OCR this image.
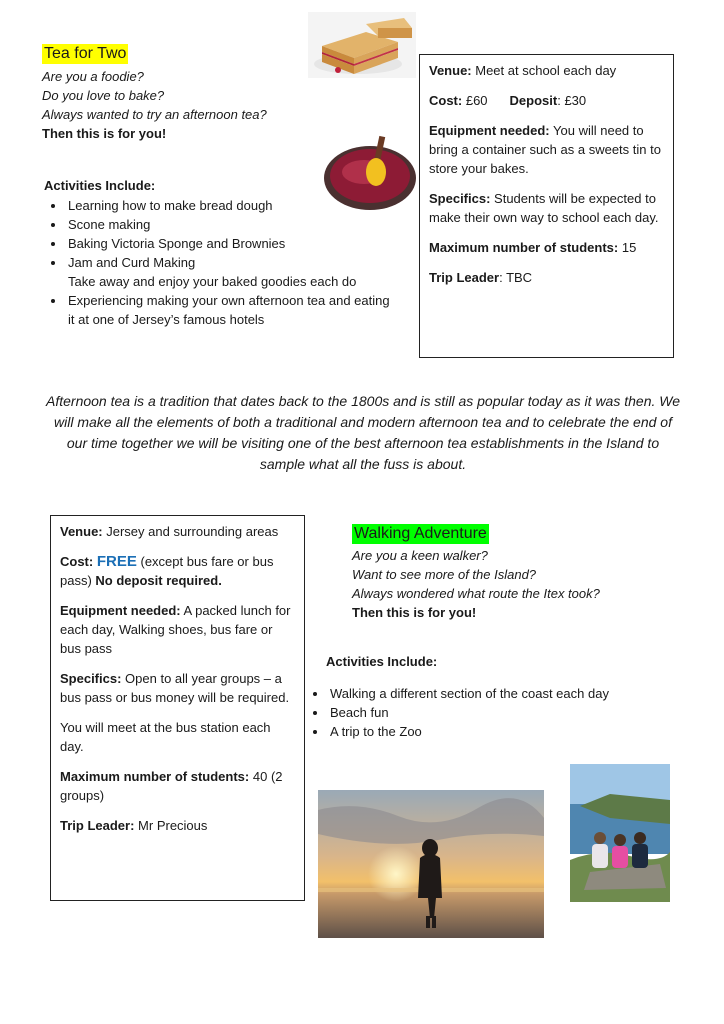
Tea for Two
Are you a foodie?
Do you love to bake?
Always wanted to try an afternoon tea?
Then this is for you!
Activities Include:
• Learning how to make bread dough
• Scone making
• Baking Victoria Sponge and Brownies
• Jam and Curd Making
• Take away and enjoy your baked goodies each do
• Experiencing making your own afternoon tea and eating it at one of Jersey’s famous hotels

Venue: Meet at school each day

Cost: £60 Deposit: £30

Equipment needed: You will need to bring a container such as a sweets tin to store your bakes.

Specifics: Students will be expected to make their own way to school each day.

Maximum number of students: 15

Trip Leader: TBC

Afternoon tea is a tradition that dates back to the 1800s and is still as popular today as it was then. We will make all the elements of both a traditional and modern afternoon tea and to celebrate the end of our time together we will be visiting one of the best afternoon tea establishments in the Island to sample what all the fuss is about.

Venue: Jersey and surrounding areas

Cost: FREE (except bus fare or bus pass) No deposit required.

Equipment needed: A packed lunch for each day, Walking shoes, bus fare or bus pass

Specifics: Open to all year groups – a bus pass or bus money will be required.

You will meet at the bus station each day.

Maximum number of students: 40 (2 groups)

Trip Leader: Mr Precious

Walking Adventure
Are you a keen walker?
Want to see more of the Island?
Always wondered what route the Itex took?
Then this is for you!
Activities Include:
• Walking a different section of the coast each day
• Beach fun
• A trip to the Zoo
